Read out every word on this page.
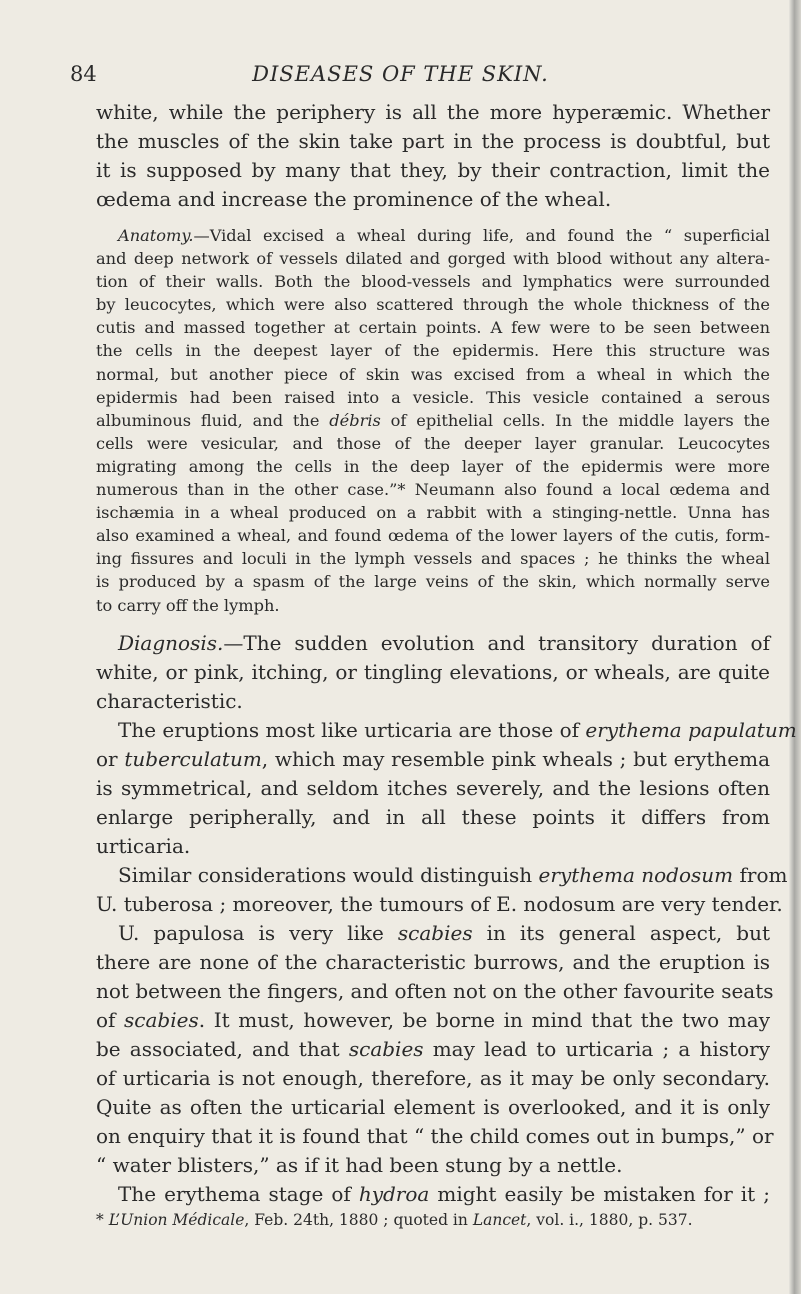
84	DISEASES OF THE SKIN.
white, while the periphery is all the more hyperæmic. Whether
the muscles of the skin take part in the process is doubtful, but
it is supposed by many that they, by their contraction, limit the
œdema and increase the prominence of the wheal.
Anatomy.—Vidal excised a wheal during life, and found the “ superficial
and deep network of vessels dilated and gorged with blood without any altera-
tion of their walls. Both the blood-vessels and lymphatics were surrounded
by leucocytes, which were also scattered through the whole thickness of the
cutis and massed together at certain points. A few were to be seen between
the cells in the deepest layer of the epidermis. Here this structure was
normal, but another piece of skin was excised from a wheal in which the
epidermis had been raised into a vesicle. This vesicle contained a serous
albuminous fluid, and the débris of epithelial cells. In the middle layers the
cells were vesicular, and those of the deeper layer granular. Leucocytes
migrating among the cells in the deep layer of the epidermis were more
numerous than in the other case.”* Neumann also found a local œdema and
ischæmia in a wheal produced on a rabbit with a stinging-nettle. Unna has
also examined a wheal, and found œdema of the lower layers of the cutis, form-
ing fissures and loculi in the lymph vessels and spaces ; he thinks the wheal
is produced by a spasm of the large veins of the skin, which normally serve
to carry off the lymph.
Diagnosis.—The sudden evolution and transitory duration of
white, or pink, itching, or tingling elevations, or wheals, are quite
characteristic.
The eruptions most like urticaria are those of erythema papulatum
or tuberculatum, which may resemble pink wheals ; but erythema
is symmetrical, and seldom itches severely, and the lesions often
enlarge peripherally, and in all these points it differs from
urticaria.
Similar considerations would distinguish erythema nodosum from
U. tuberosa ; moreover, the tumours of E. nodosum are very tender.
U. papulosa is very like scabies in its general aspect, but
there are none of the characteristic burrows, and the eruption is
not between the fingers, and often not on the other favourite seats
of scabies. It must, however, be borne in mind that the two may
be associated, and that scabies may lead to urticaria ; a history
of urticaria is not enough, therefore, as it may be only secondary.
Quite as often the urticarial element is overlooked, and it is only
on enquiry that it is found that “ the child comes out in bumps,” or
“ water blisters,” as if it had been stung by a nettle.
The erythema stage of hydroa might easily be mistaken for it ;
* L’Union Médicale, Feb. 24th, 1880 ; quoted in Lancet, vol. i., 1880, p. 537.
